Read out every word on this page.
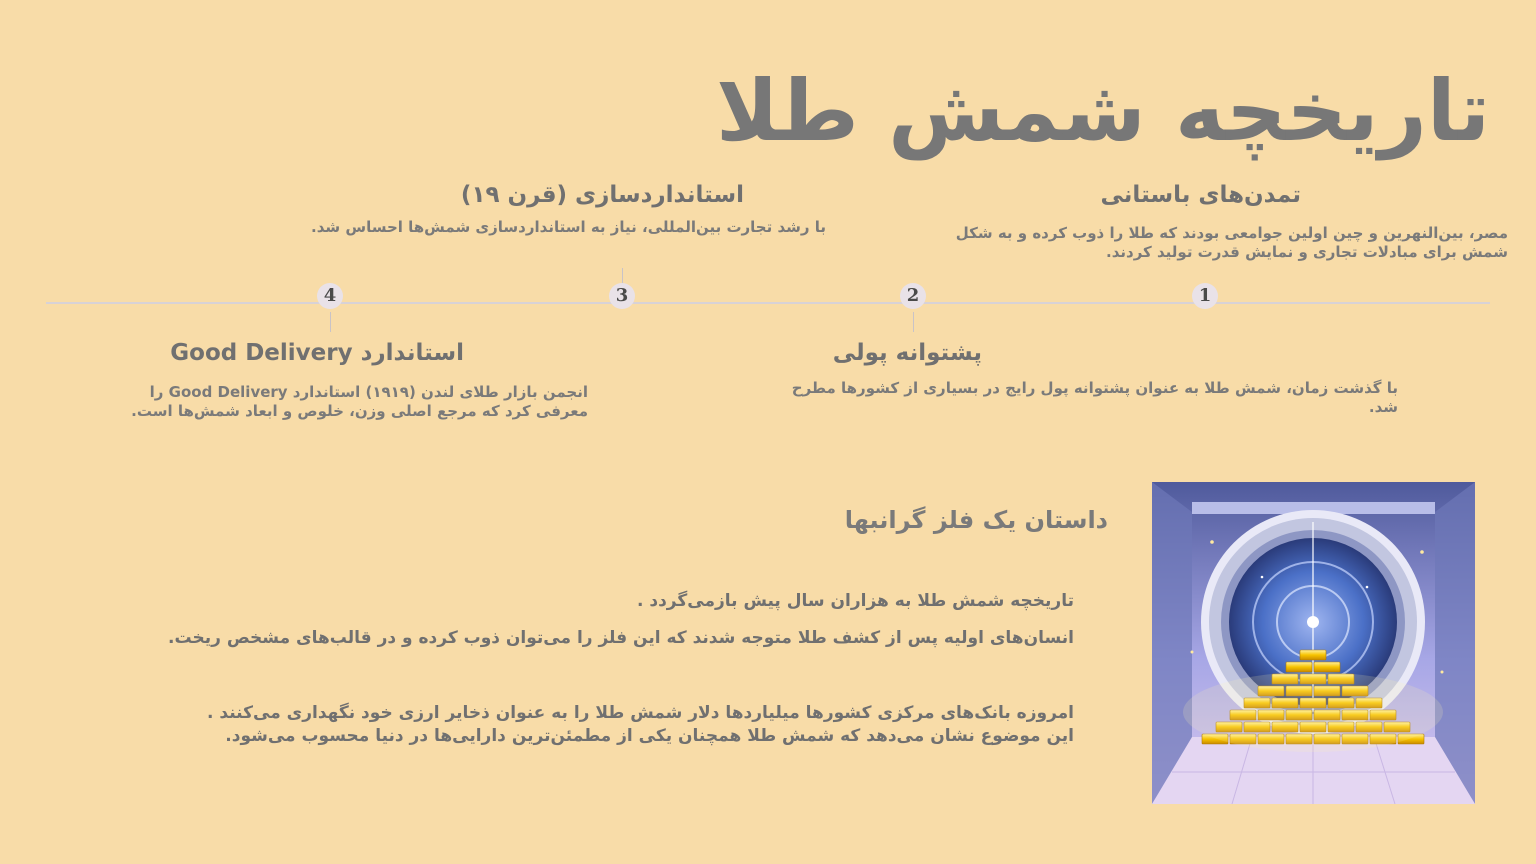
تاریخچه شمش طلا
1
2
3
4
تمدن‌های باستانی
مصر، بین‌النهرین و چین اولین جوامعی بودند که طلا را ذوب کرده و به شکل شمش برای مبادلات تجاری و نمایش قدرت تولید کردند.
پشتوانه پولی
با گذشت زمان، شمش طلا به عنوان پشتوانه پول رایج در بسیاری از کشورها مطرح شد.
استانداردسازی (قرن ۱۹)
با رشد تجارت بین‌المللی، نیاز به استانداردسازی شمش‌ها احساس شد.
استاندارد Good Delivery
انجمن بازار طلای لندن (۱۹۱۹) استاندارد Good Delivery را معرفی کرد که مرجع اصلی وزن، خلوص و ابعاد شمش‌ها است.
داستان یک فلز گرانبها
تاریخچه شمش طلا به هزاران سال پیش بازمی‌گردد .
انسان‌های اولیه پس از کشف طلا متوجه شدند که این فلز را می‌توان ذوب کرده و در قالب‌های مشخص ریخت.
امروزه بانک‌های مرکزی کشورها میلیاردها دلار شمش طلا را به عنوان ذخایر ارزی خود نگهداری می‌کنند . این موضوع نشان می‌دهد که شمش طلا همچنان یکی از مطمئن‌ترین دارایی‌ها در دنیا محسوب می‌شود.
